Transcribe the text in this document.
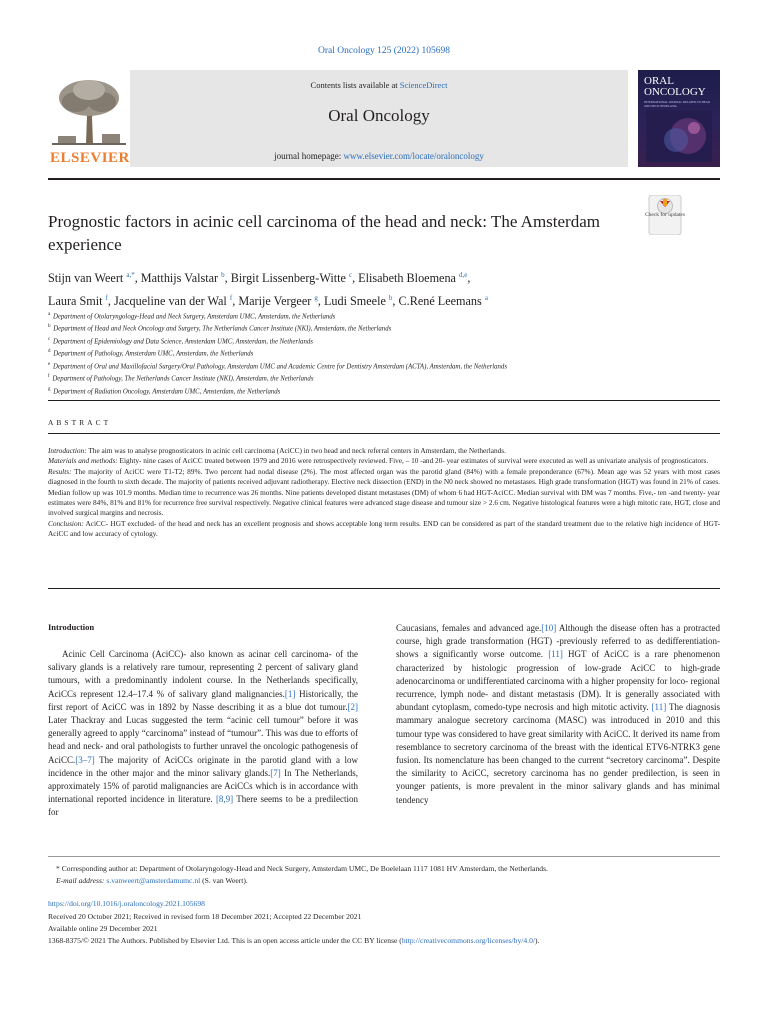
Oral Oncology 125 (2022) 105698
ELSEVIER
Contents lists available at ScienceDirect
Oral Oncology
journal homepage: www.elsevier.com/locate/oraloncology
ORAL
ONCOLOGY
INTERNATIONAL JOURNAL RELATED TO HEAD AND NECK NEOPLASIA
Prognostic factors in acinic cell carcinoma of the head and neck: The Amsterdam experience
Check for updates
Stijn van Weert $^{a,*}$, Matthijs Valstar $^b$, Birgit Lissenberg-Witte $^c$, Elisabeth Bloemena $^{d,e}$,
Laura Smit $^f$, Jacqueline van der Wal $^f$, Marije Vergeer $^g$, Ludi Smeele $^b$, C.René Leemans $^a$
$^a$ Department of Otolaryngology-Head and Neck Surgery, Amsterdam UMC, Amsterdam, the Netherlands
$^b$ Department of Head and Neck Oncology and Surgery, The Netherlands Cancer Institute (NKI), Amsterdam, the Netherlands
$^c$ Department of Epidemiology and Data Science, Amsterdam UMC, Amsterdam, the Netherlands
$^d$ Department of Pathology, Amsterdam UMC, Amsterdam, the Netherlands
$^e$ Department of Oral and Maxillofacial Surgery/Oral Pathology, Amsterdam UMC and Academic Centre for Dentistry Amsterdam (ACTA), Amsterdam, the Netherlands
$^f$ Department of Pathology, The Netherlands Cancer Institute (NKI), Amsterdam, the Netherlands
$^g$ Department of Radiation Oncology, Amsterdam UMC, Amsterdam, the Netherlands
ABSTRACT

Introduction: The aim was to analyse prognosticators in acinic cell carcinoma (AciCC) in two head and neck referral centers in Amsterdam, the Netherlands.

Materials and methods: Eighty- nine cases of AciCC treated between 1979 and 2016 were retrospectively reviewed. Five, – 10 -and 20- year estimates of survival were executed as well as univariate analysis of prognosticators.

Results: The majority of AciCC were T1-T2; 89%. Two percent had nodal disease (2%). The most affected organ was the parotid gland (84%) with a female preponderance (67%). Mean age was 52 years with most cases diagnosed in the fourth to sixth decade. The majority of patients received adjuvant radiotherapy. Elective neck dissection (END) in the N0 neck showed no metastases. High grade transformation (HGT) was found in 21% of cases. Median follow up was 101.9 months. Median time to recurrence was 26 months. Nine patients developed distant metastases (DM) of whom 6 had HGT-AciCC. Median survival with DM was 7 months. Five,- ten -and twenty- year estimates were 84%, 81% and 81% for recurrence free survival respectively. Negative clinical features were advanced stage disease and tumour size > 2.6 cm. Negative histological features were a high mitotic rate, HGT, close and involved surgical margins and necrosis.

Conclusion: AciCC- HGT excluded- of the head and neck has an excellent prognosis and shows acceptable long term results. END can be considered as part of the standard treatment due to the relative high incidence of HGT- AciCC and low accuracy of cytology.

Introduction
Acinic Cell Carcinoma (AciCC)- also known as acinar cell carcinoma- of the salivary glands is a relatively rare tumour, representing 2 percent of salivary gland tumours, with a predominantly indolent course. In the Netherlands specifically, AciCCs represent 12.4–17.4 % of salivary gland malignancies.[1] Historically, the first report of AciCC was in 1892 by Nasse describing it as a blue dot tumour.[2] Later Thackray and Lucas suggested the term “acinic cell tumour” before it was generally agreed to apply “carcinoma” instead of “tumour”. This was due to efforts of head and neck- and oral pathologists to further unravel the oncologic pathogenesis of AciCC.[3–7] The majority of AciCCs originate in the parotid gland with a low incidence in the other major and the minor salivary glands.[7] In The Netherlands, approximately 15% of parotid malignancies are AciCCs which is in accordance with international reported incidence in literature. [8,9] There seems to be a predilection for
Caucasians, females and advanced age.[10] Although the disease often has a protracted course, high grade transformation (HGT) -previously referred to as dedifferentiation- shows a significantly worse outcome. [11] HGT of AciCC is a rare phenomenon characterized by histologic progression of low-grade AciCC to high-grade adenocarcinoma or undifferentiated carcinoma with a higher propensity for loco- regional recurrence, lymph node- and distant metastasis (DM). It is generally associated with abundant cytoplasm, comedo-type necrosis and high mitotic activity. [11] The diagnosis mammary analogue secretory carcinoma (MASC) was introduced in 2010 and this tumour type was considered to have great similarity with AciCC. It derived its name from resemblance to secretory carcinoma of the breast with the identical ETV6-NTRK3 gene fusion. Its nomenclature has been changed to the current “secretory carcinoma”. Despite the similarity to AciCC, secretory carcinoma has no gender predilection, is seen in younger patients, is more prevalent in the minor salivary glands and has minimal tendency
* Corresponding author at: Department of Otolaryngology-Head and Neck Surgery, Amsterdam UMC, De Boelelaan 1117 1081 HV Amsterdam, the Netherlands.
E-mail address: s.vanweert@amsterdamumc.nl (S. van Weert).
https://doi.org/10.1016/j.oraloncology.2021.105698
Received 20 October 2021; Received in revised form 18 December 2021; Accepted 22 December 2021
Available online 29 December 2021
1368-8375/© 2021 The Authors. Published by Elsevier Ltd. This is an open access article under the CC BY license (http://creativecommons.org/licenses/by/4.0/).
